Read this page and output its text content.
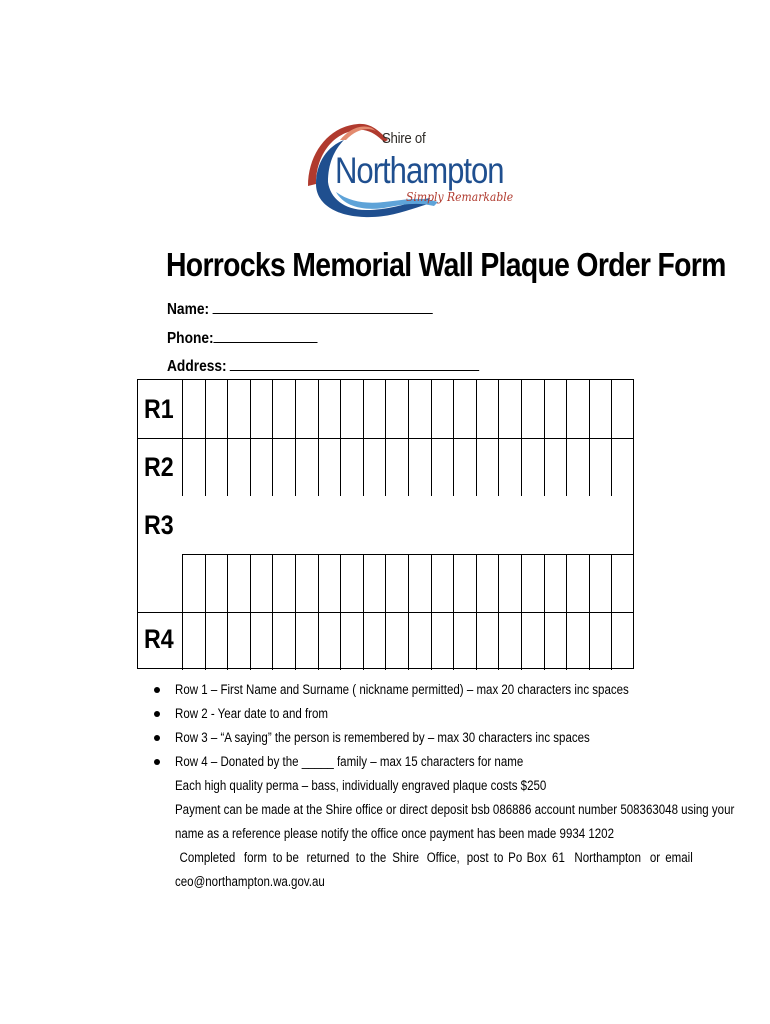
Shire of
Northampton
Simply Remarkable
Horrocks Memorial Wall Plaque Order Form
Name:
Phone:
Address:
R1
R2
R3
R4
Row 1 – First Name and Surname ( nickname permitted) – max 20 characters inc spaces
Row 2 - Year date to and from
Row 3 – “A saying” the person is remembered by – max 30 characters inc spaces
Row 4 – Donated by the _____ family – max 15 characters for name
Each high quality perma – bass, individually engraved plaque costs $250
Payment can be made at the Shire office or direct deposit bsb 086886 account number 508363048 using your
name as a reference please notify the office once payment has been made 9934 1202
Completed form to be returned to the Shire Office, post to Po Box 61 Northampton or email
ceo@northampton.wa.gov.au
